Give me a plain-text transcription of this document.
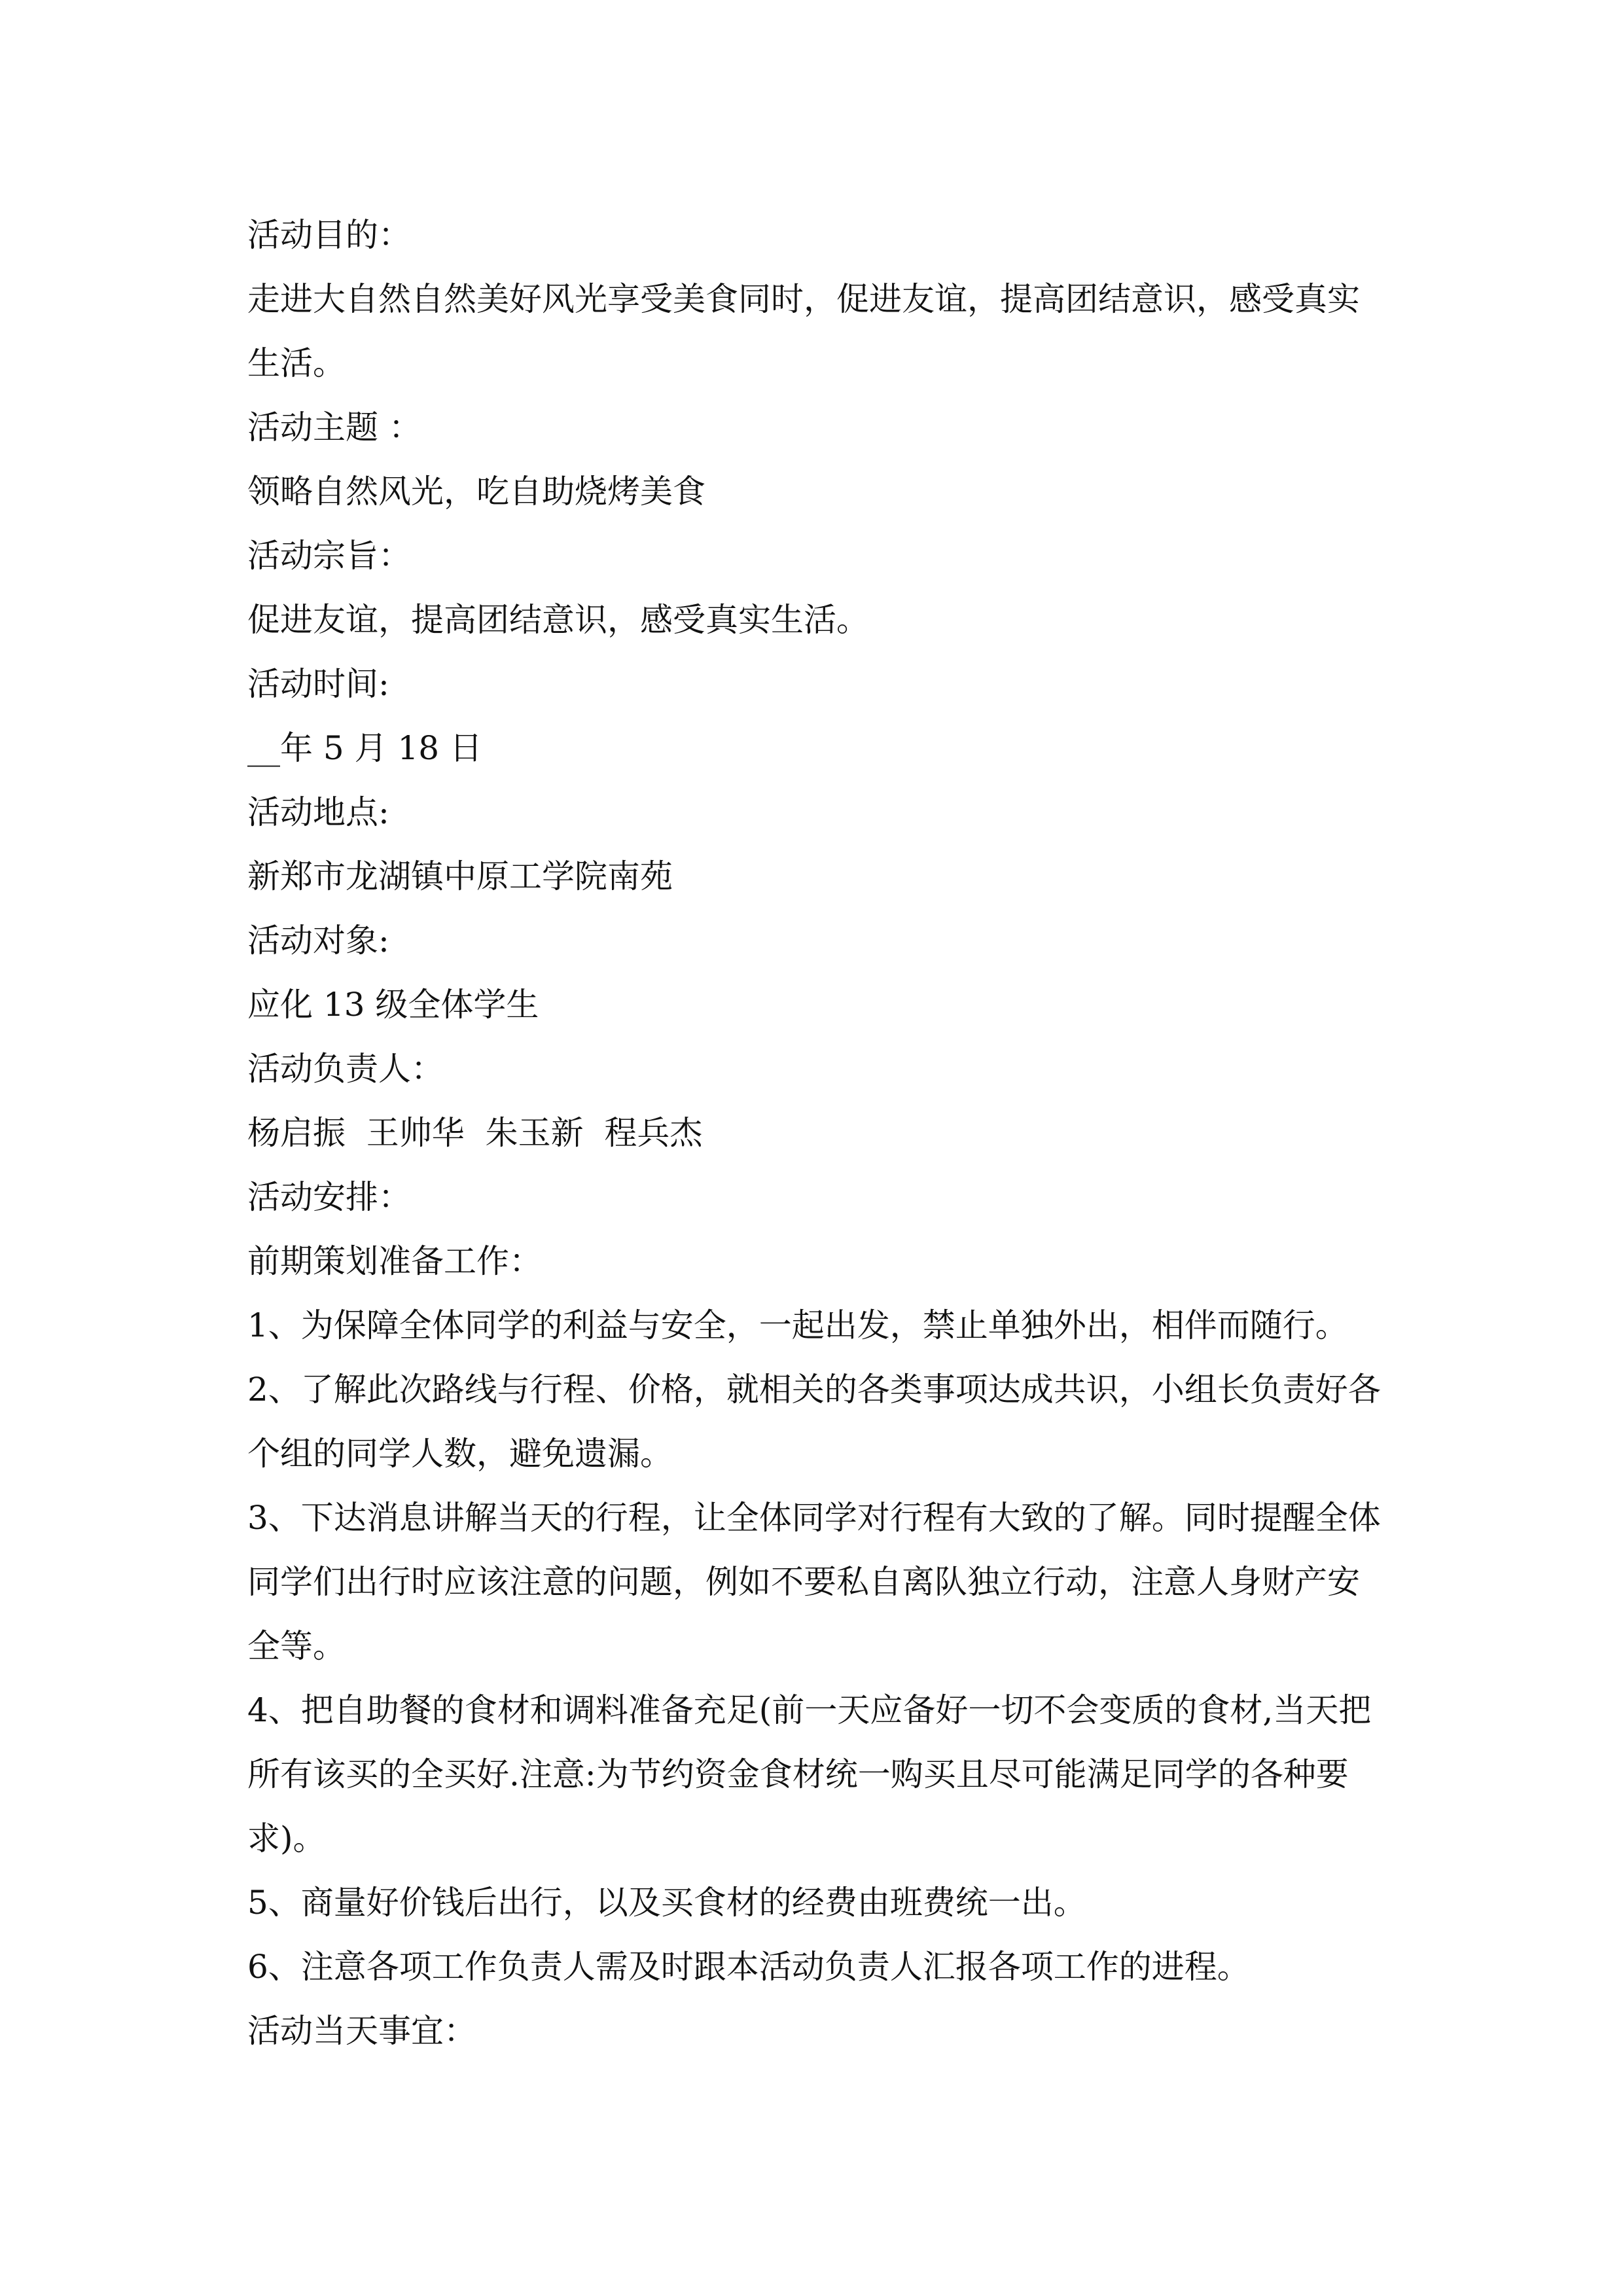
活动目的：

走进大自然自然美好风光享受美食同时，促进友谊，提高团结意识，感受真实生活。

活动主题 ：

领略自然风光，吃自助烧烤美食

活动宗旨：

促进友谊，提高团结意识，感受真实生活。

活动时间:

__年 5 月 18 日

活动地点:

新郑市龙湖镇中原工学院南苑

活动对象:

应化 13 级全体学生

活动负责人：

杨启振  王帅华  朱玉新  程兵杰

活动安排：

前期策划准备工作：

1、为保障全体同学的利益与安全，一起出发，禁止单独外出，相伴而随行。

2、了解此次路线与行程、价格，就相关的各类事项达成共识，小组长负责好各个组的同学人数，避免遗漏。

3、下达消息讲解当天的行程，让全体同学对行程有大致的了解。同时提醒全体同学们出行时应该注意的问题，例如不要私自离队独立行动，注意人身财产安全等。

4、把自助餐的食材和调料准备充足(前一天应备好一切不会变质的食材,当天把所有该买的全买好.注意:为节约资金食材统一购买且尽可能满足同学的各种要求)。

5、商量好价钱后出行，以及买食材的经费由班费统一出。

6、注意各项工作负责人需及时跟本活动负责人汇报各项工作的进程。

活动当天事宜：
